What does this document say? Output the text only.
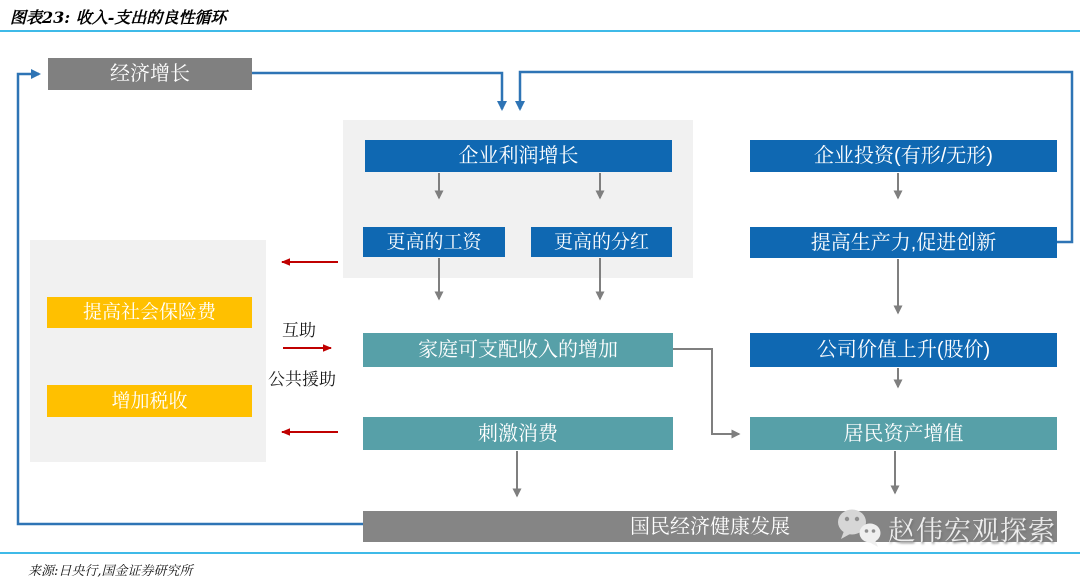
图表23: 收入-支出的良性循环
经济增长
企业利润增长
更高的工资	更高的分红
企业投资(有形/无形)
提高生产力,促进创新
提高社会保险费
增加税收
互助
公共援助
家庭可支配收入的增加	公司价值上升(股价)
刺激消费	居民资产增值
国民经济健康发展	赵伟宏观探索
来源:日央行,国金证券研究所
